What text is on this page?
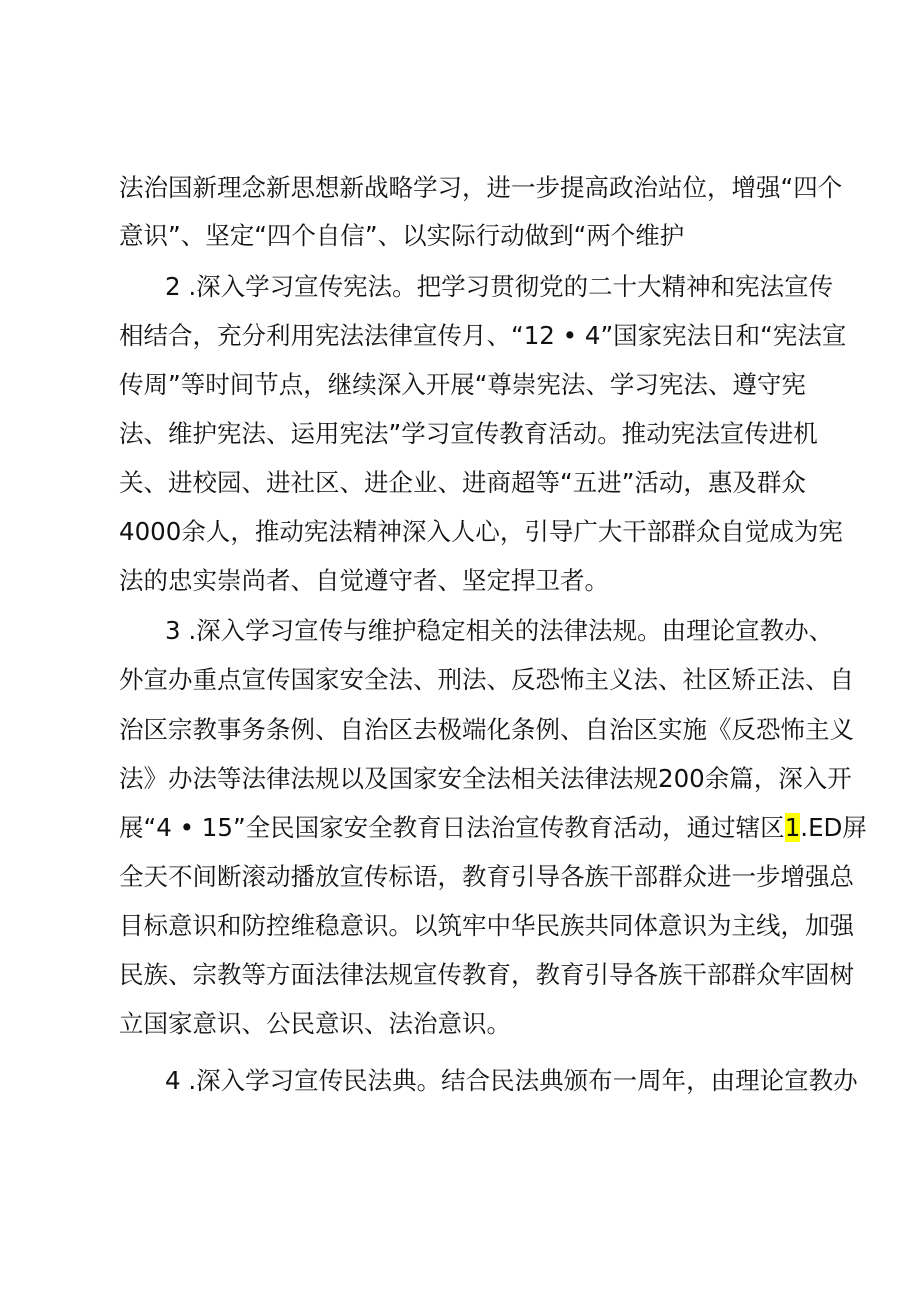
法治国新理念新思想新战略学习，进一步提高政治站位，增强“四个

意识”、坚定“四个自信”、以实际行动做到“两个维护

2 .深入学习宣传宪法。把学习贯彻党的二十大精神和宪法宣传

相结合，充分利用宪法法律宣传月、“12 • 4”国家宪法日和“宪法宣

传周”等时间节点，继续深入开展“尊崇宪法、学习宪法、遵守宪

法、维护宪法、运用宪法”学习宣传教育活动。推动宪法宣传进机

关、进校园、进社区、进企业、进商超等“五进”活动，惠及群众

4000余人，推动宪法精神深入人心，引导广大干部群众自觉成为宪

法的忠实崇尚者、自觉遵守者、坚定捍卫者。

3 .深入学习宣传与维护稳定相关的法律法规。由理论宣教办、

外宣办重点宣传国家安全法、刑法、反恐怖主义法、社区矫正法、自

治区宗教事务条例、自治区去极端化条例、自治区实施《反恐怖主义

法》办法等法律法规以及国家安全法相关法律法规200余篇，深入开

展“4 • 15”全民国家安全教育日法治宣传教育活动，通过辖区1.ED屏

全天不间断滚动播放宣传标语，教育引导各族干部群众进一步增强总

目标意识和防控维稳意识。以筑牢中华民族共同体意识为主线，加强

民族、宗教等方面法律法规宣传教育，教育引导各族干部群众牢固树

立国家意识、公民意识、法治意识。

4 .深入学习宣传民法典。结合民法典颁布一周年，由理论宣教办
